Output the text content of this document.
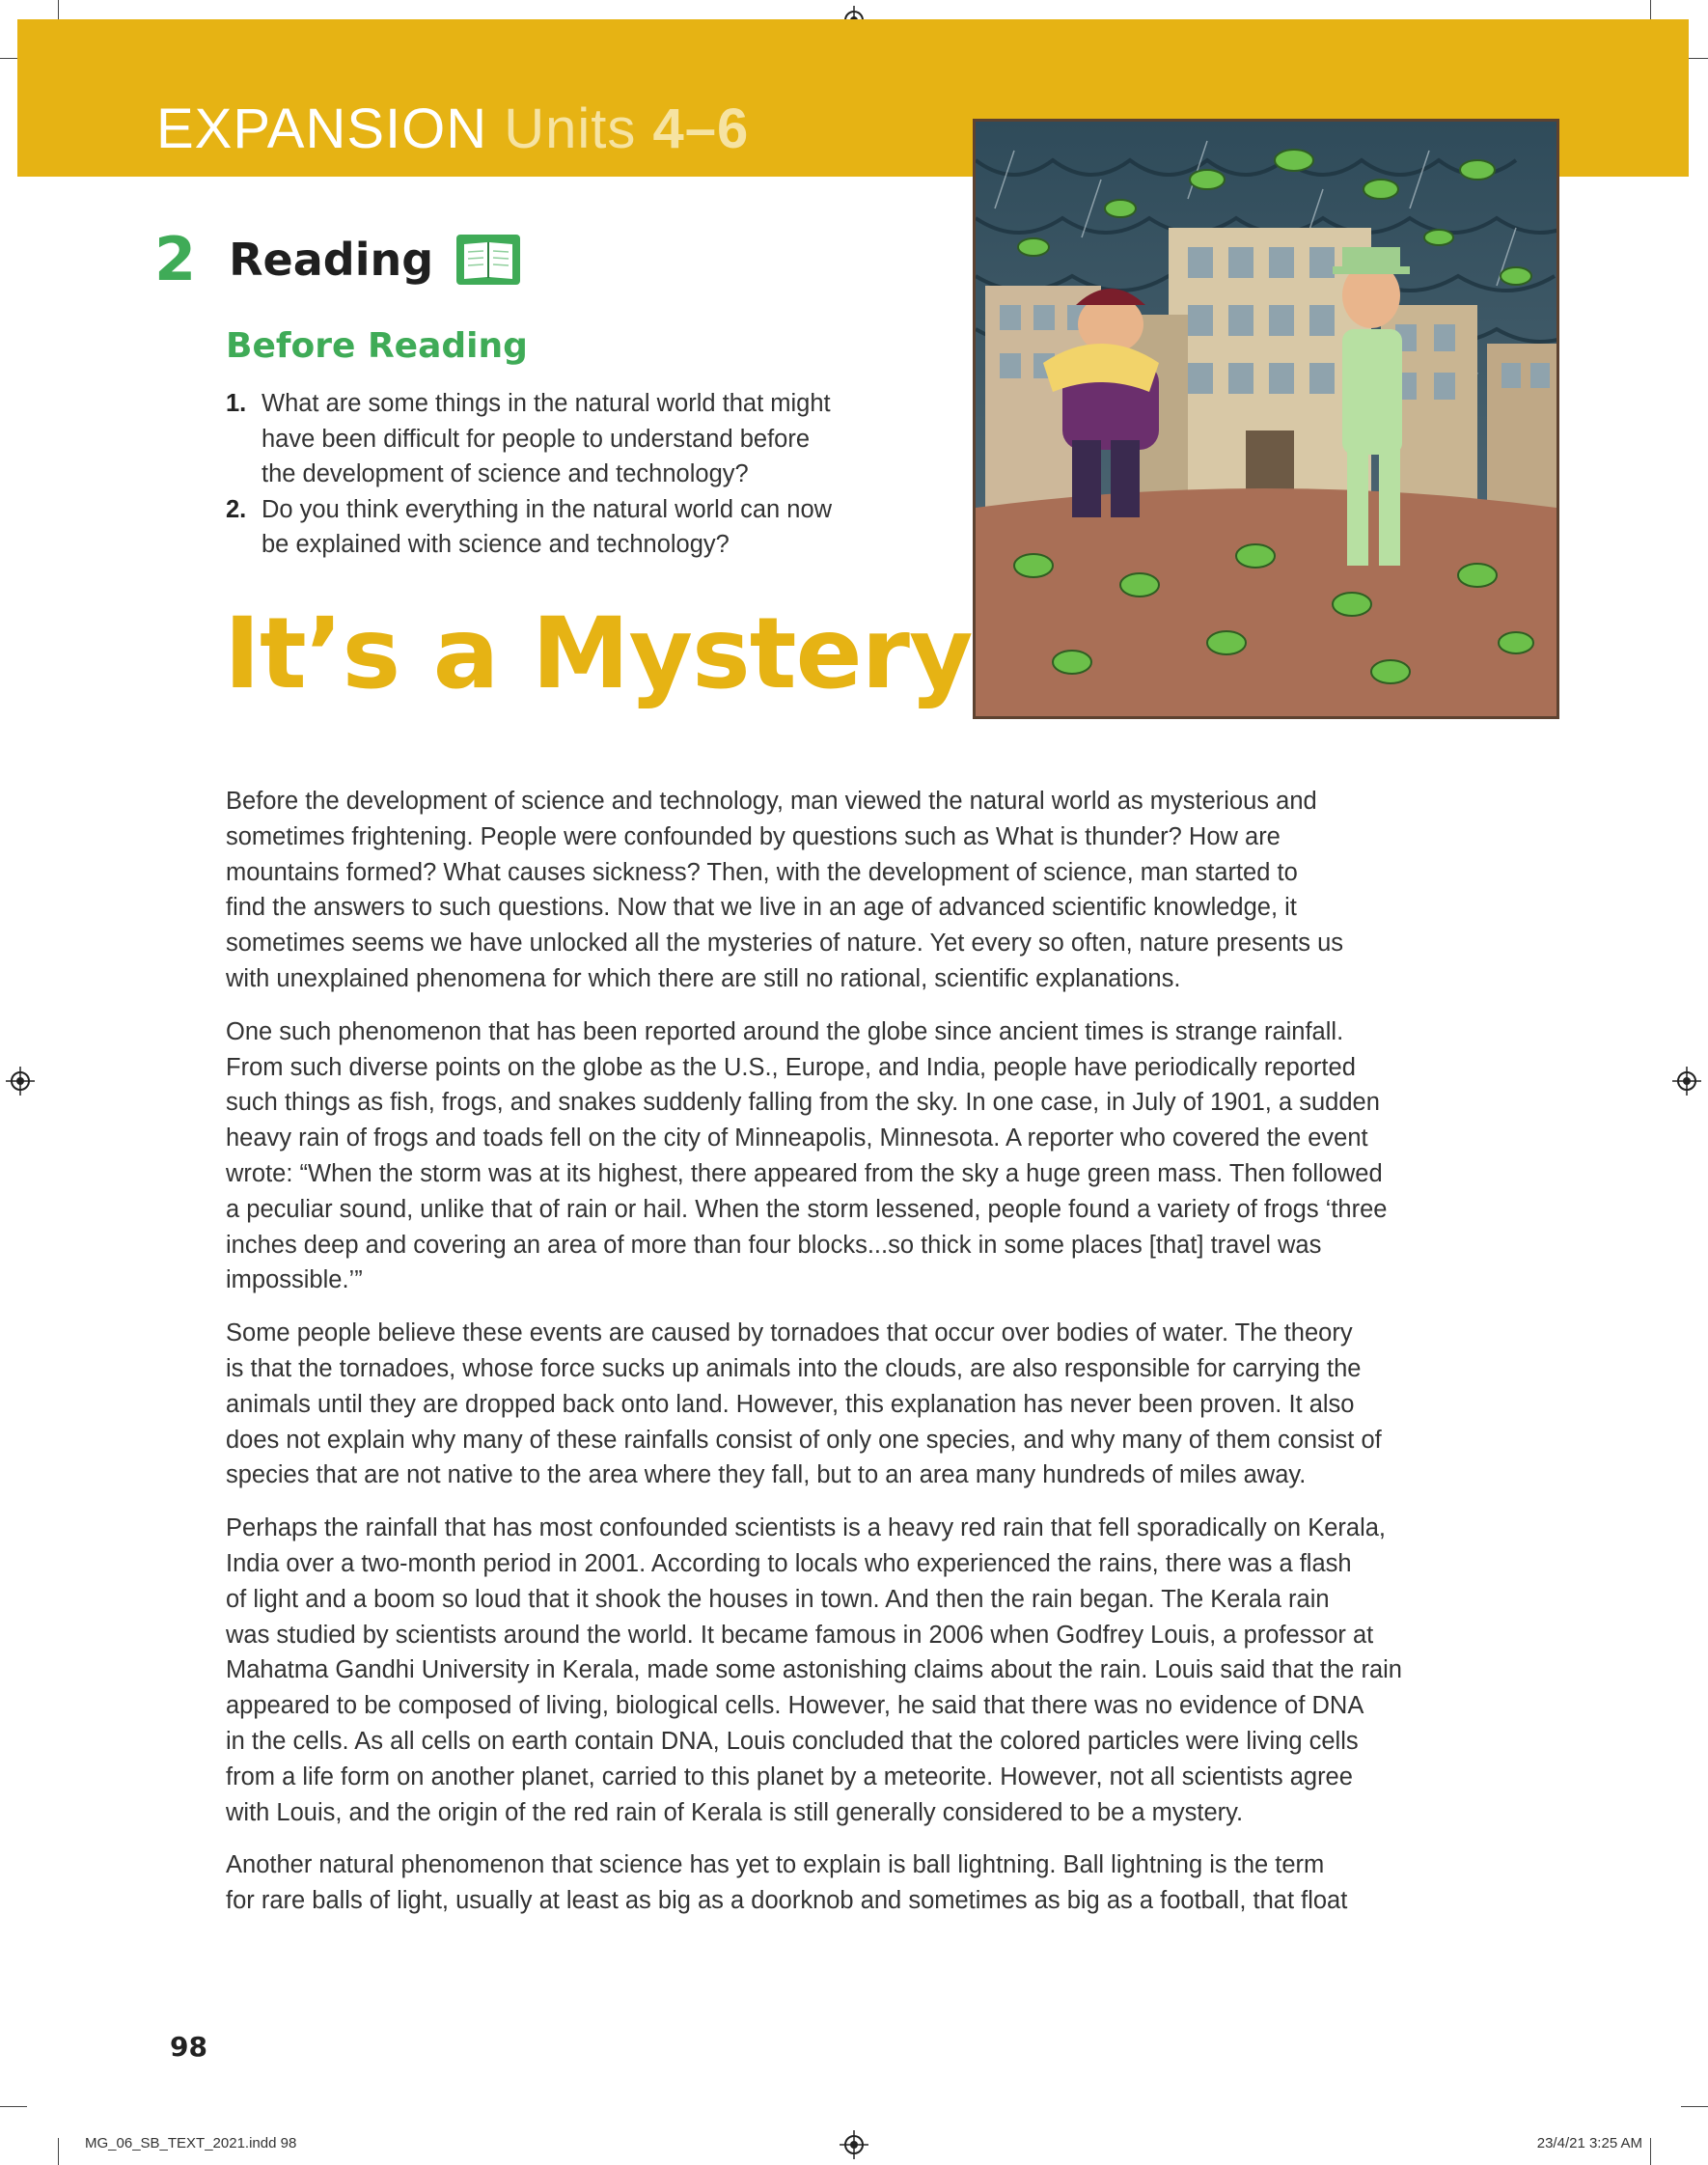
EXPANSION Units 4–6
2 Reading
Before Reading
1. What are some things in the natural world that might
have been difficult for people to understand before
the development of science and technology?
2. Do you think everything in the natural world can now
be explained with science and technology?
It’s a Mystery

Before the development of science and technology, man viewed the natural world as mysterious and
sometimes frightening. People were confounded by questions such as What is thunder? How are
mountains formed? What causes sickness? Then, with the development of science, man started to
find the answers to such questions. Now that we live in an age of advanced scientific knowledge, it
sometimes seems we have unlocked all the mysteries of nature. Yet every so often, nature presents us
with unexplained phenomena for which there are still no rational, scientific explanations.

One such phenomenon that has been reported around the globe since ancient times is strange rainfall.
From such diverse points on the globe as the U.S., Europe, and India, people have periodically reported
such things as fish, frogs, and snakes suddenly falling from the sky. In one case, in July of 1901, a sudden
heavy rain of frogs and toads fell on the city of Minneapolis, Minnesota. A reporter who covered the event
wrote: “When the storm was at its highest, there appeared from the sky a huge green mass. Then followed
a peculiar sound, unlike that of rain or hail. When the storm lessened, people found a variety of frogs ‘three
inches deep and covering an area of more than four blocks...so thick in some places [that] travel was
impossible.’”

Some people believe these events are caused by tornadoes that occur over bodies of water. The theory
is that the tornadoes, whose force sucks up animals into the clouds, are also responsible for carrying the
animals until they are dropped back onto land. However, this explanation has never been proven. It also
does not explain why many of these rainfalls consist of only one species, and why many of them consist of
species that are not native to the area where they fall, but to an area many hundreds of miles away.

Perhaps the rainfall that has most confounded scientists is a heavy red rain that fell sporadically on Kerala,
India over a two-month period in 2001. According to locals who experienced the rains, there was a flash
of light and a boom so loud that it shook the houses in town. And then the rain began. The Kerala rain
was studied by scientists around the world. It became famous in 2006 when Godfrey Louis, a professor at
Mahatma Gandhi University in Kerala, made some astonishing claims about the rain. Louis said that the rain
appeared to be composed of living, biological cells. However, he said that there was no evidence of DNA
in the cells. As all cells on earth contain DNA, Louis concluded that the colored particles were living cells
from a life form on another planet, carried to this planet by a meteorite. However, not all scientists agree
with Louis, and the origin of the red rain of Kerala is still generally considered to be a mystery.

Another natural phenomenon that science has yet to explain is ball lightning. Ball lightning is the term
for rare balls of light, usually at least as big as a doorknob and sometimes as big as a football, that float

98
MG_06_SB_TEXT_2021.indd 98	23/4/21 3:25 AM
